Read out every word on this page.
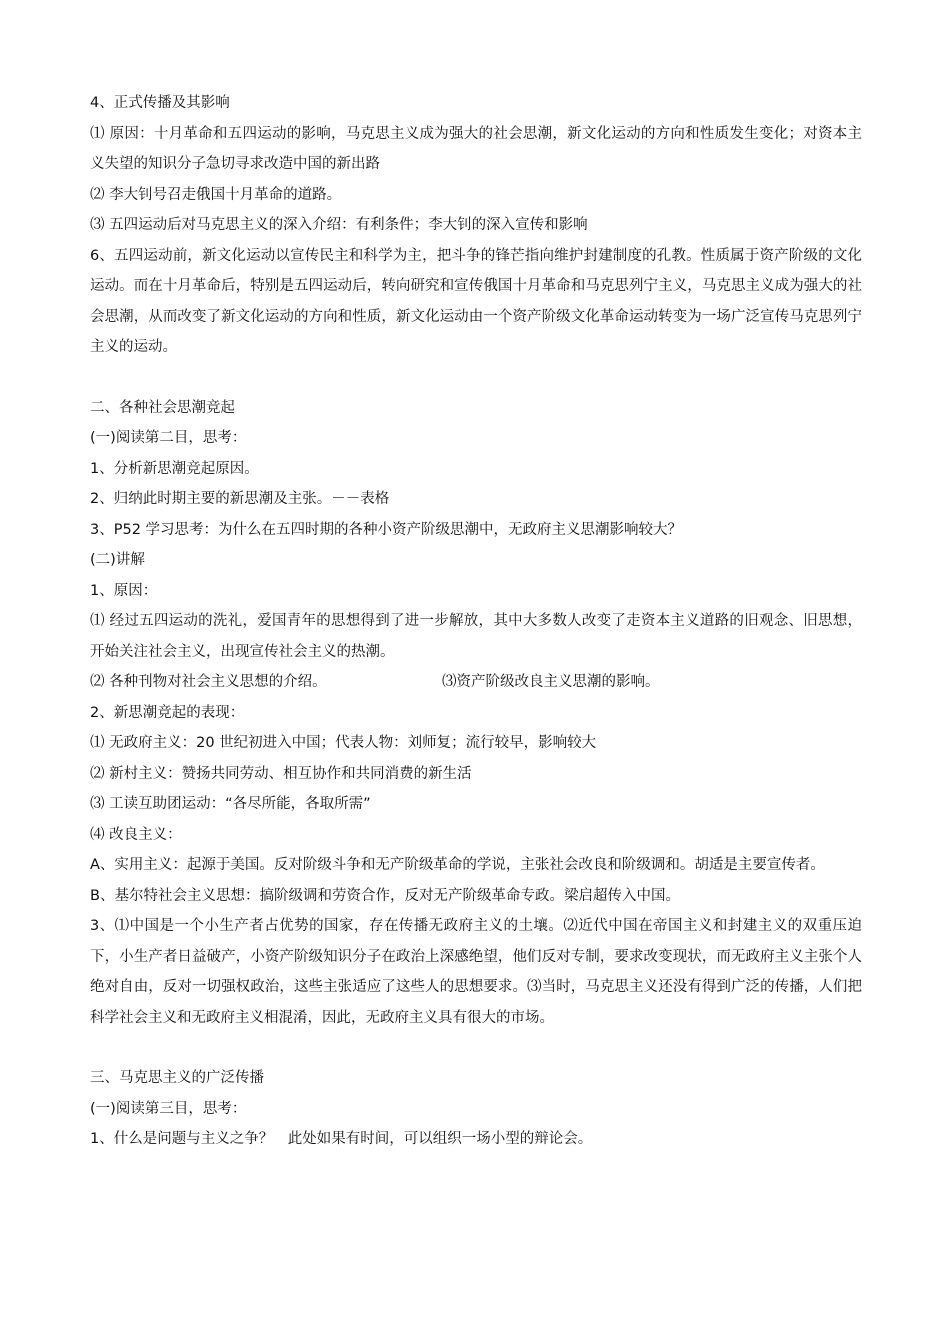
4、正式传播及其影响
⑴ 原因：十月革命和五四运动的影响，马克思主义成为强大的社会思潮，新文化运动的方向和性质发生变化；对资本主义失望的知识分子急切寻求改造中国的新出路
⑵ 李大钊号召走俄国十月革命的道路。
⑶ 五四运动后对马克思主义的深入介绍：有利条件；李大钊的深入宣传和影响
6、五四运动前，新文化运动以宣传民主和科学为主，把斗争的锋芒指向维护封建制度的孔教。性质属于资产阶级的文化运动。而在十月革命后，特别是五四运动后，转向研究和宣传俄国十月革命和马克思列宁主义，马克思主义成为强大的社会思潮，从而改变了新文化运动的方向和性质，新文化运动由一个资产阶级文化革命运动转变为一场广泛宣传马克思列宁主义的运动。
二、各种社会思潮竞起
(一)阅读第二目，思考：
1、分析新思潮竞起原因。
2、归纳此时期主要的新思潮及主张。－－表格
3、P52 学习思考：为什么在五四时期的各种小资产阶级思潮中，无政府主义思潮影响较大？
(二)讲解
1、原因：
⑴ 经过五四运动的洗礼，爱国青年的思想得到了进一步解放，其中大多数人改变了走资本主义道路的旧观念、旧思想，开始关注社会主义，出现宣传社会主义的热潮。
⑵ 各种刊物对社会主义思想的介绍。	⑶资产阶级改良主义思潮的影响。
2、新思潮竞起的表现：
⑴ 无政府主义：20 世纪初进入中国；代表人物：刘师复；流行较早，影响较大
⑵ 新村主义：赞扬共同劳动、相互协作和共同消费的新生活
⑶ 工读互助团运动：“各尽所能，各取所需”
⑷ 改良主义：
A、实用主义：起源于美国。反对阶级斗争和无产阶级革命的学说，主张社会改良和阶级调和。胡适是主要宣传者。
B、基尔特社会主义思想：搞阶级调和劳资合作，反对无产阶级革命专政。梁启超传入中国。
3、⑴中国是一个小生产者占优势的国家，存在传播无政府主义的土壤。⑵近代中国在帝国主义和封建主义的双重压迫下，小生产者日益破产，小资产阶级知识分子在政治上深感绝望，他们反对专制，要求改变现状，而无政府主义主张个人绝对自由，反对一切强权政治，这些主张适应了这些人的思想要求。⑶当时，马克思主义还没有得到广泛的传播，人们把科学社会主义和无政府主义相混淆，因此，无政府主义具有很大的市场。
三、马克思主义的广泛传播
(一)阅读第三目，思考：
1、什么是问题与主义之争？　此处如果有时间，可以组织一场小型的辩论会。
